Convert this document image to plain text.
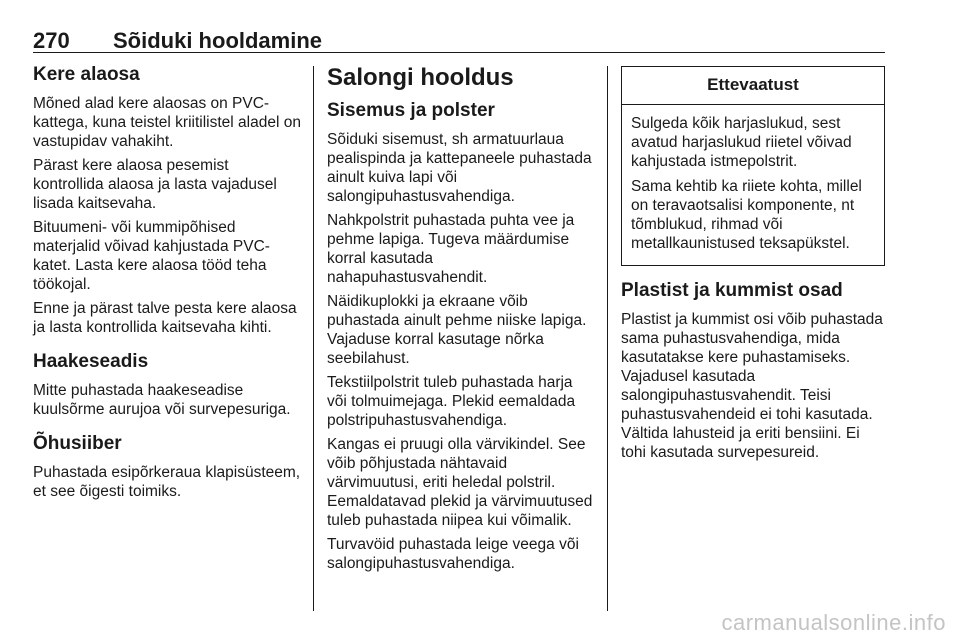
270 Sõiduki hooldamine
Kere alaosa

Mõned alad kere alaosas on PVC-kattega, kuna teistel kriitilistel aladel on vastupidav vahakiht.

Pärast kere alaosa pesemist kontrollida alaosa ja lasta vajadusel lisada kaitsevaha.

Bituumeni- või kummipõhised materjalid võivad kahjustada PVC-katet. Lasta kere alaosa tööd teha töökojal.

Enne ja pärast talve pesta kere alaosa ja lasta kontrollida kaitsevaha kihti.

Haakeseadis

Mitte puhastada haakeseadise kuulsõrme aurujoa või survepesuriga.

Õhusiiber

Puhastada esipõrkeraua klapisüsteem, et see õigesti toimiks.

Salongi hooldus
Sisemus ja polster

Sõiduki sisemust, sh armatuurlaua pealispinda ja kattepaneele puhastada ainult kuiva lapi või salongipuhastusvahendiga.

Nahkpolstrit puhastada puhta vee ja pehme lapiga. Tugeva määrdumise korral kasutada nahapuhastusvahendit.

Näidikuplokki ja ekraane võib puhastada ainult pehme niiske lapiga. Vajaduse korral kasutage nõrka seebilahust.

Tekstiilpolstrit tuleb puhastada harja või tolmuimejaga. Plekid eemaldada polstripuhastusvahendiga.

Kangas ei pruugi olla värvikindel. See võib põhjustada nähtavaid värvimuutusi, eriti heledal polstril. Eemaldatavad plekid ja värvimuutused tuleb puhastada niipea kui võimalik.

Turvavöid puhastada leige veega või salongipuhastusvahendiga.

Ettevaatust

Sulgeda kõik harjaslukud, sest avatud harjaslukud riietel võivad kahjustada istmepolstrit.

Sama kehtib ka riiete kohta, millel on teravaotsalisi komponente, nt tõmblukud, rihmad või metallkaunistused teksapükstel.

Plastist ja kummist osad

Plastist ja kummist osi võib puhastada sama puhastusvahendiga, mida kasutatakse kere puhastamiseks. Vajadusel kasutada salongipuhastusvahendit. Teisi puhastusvahendeid ei tohi kasutada. Vältida lahusteid ja eriti bensiini. Ei tohi kasutada survepesureid.

carmanualsonline.info
